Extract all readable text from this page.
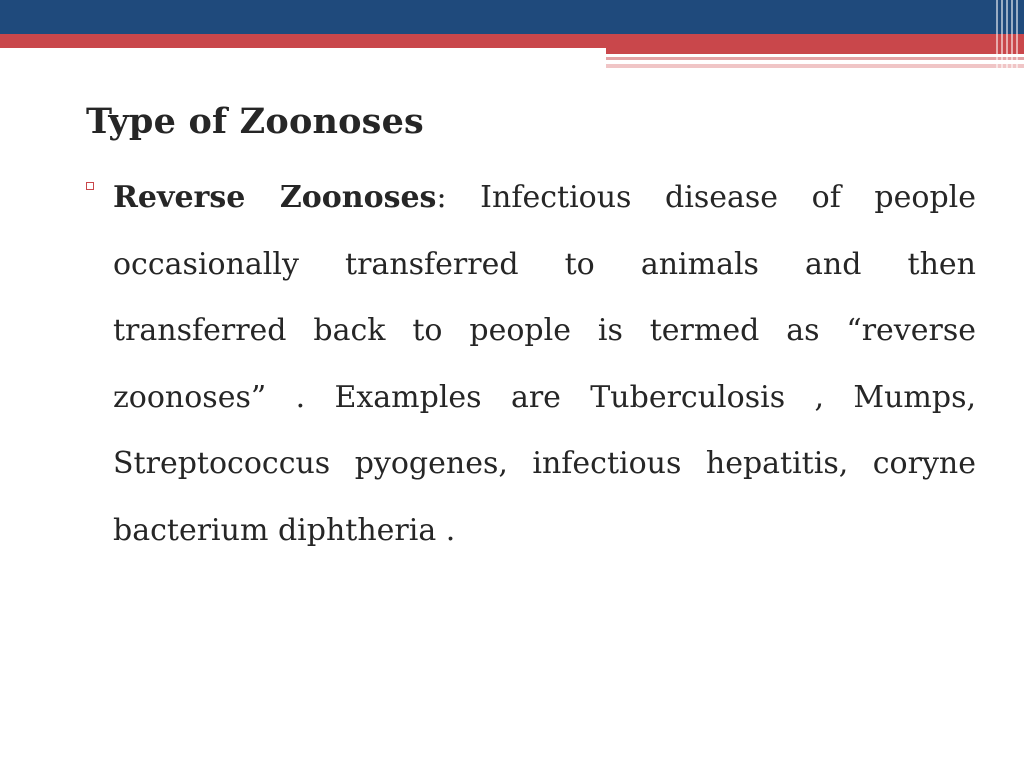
Type of Zoonoses

Reverse Zoonoses: Infectious disease of people occasionally transferred to animals and then transferred back to people is termed as “reverse zoonoses” . Examples are Tuberculosis , Mumps, Streptococcus pyogenes, infectious hepatitis, coryne bacterium diphtheria .
